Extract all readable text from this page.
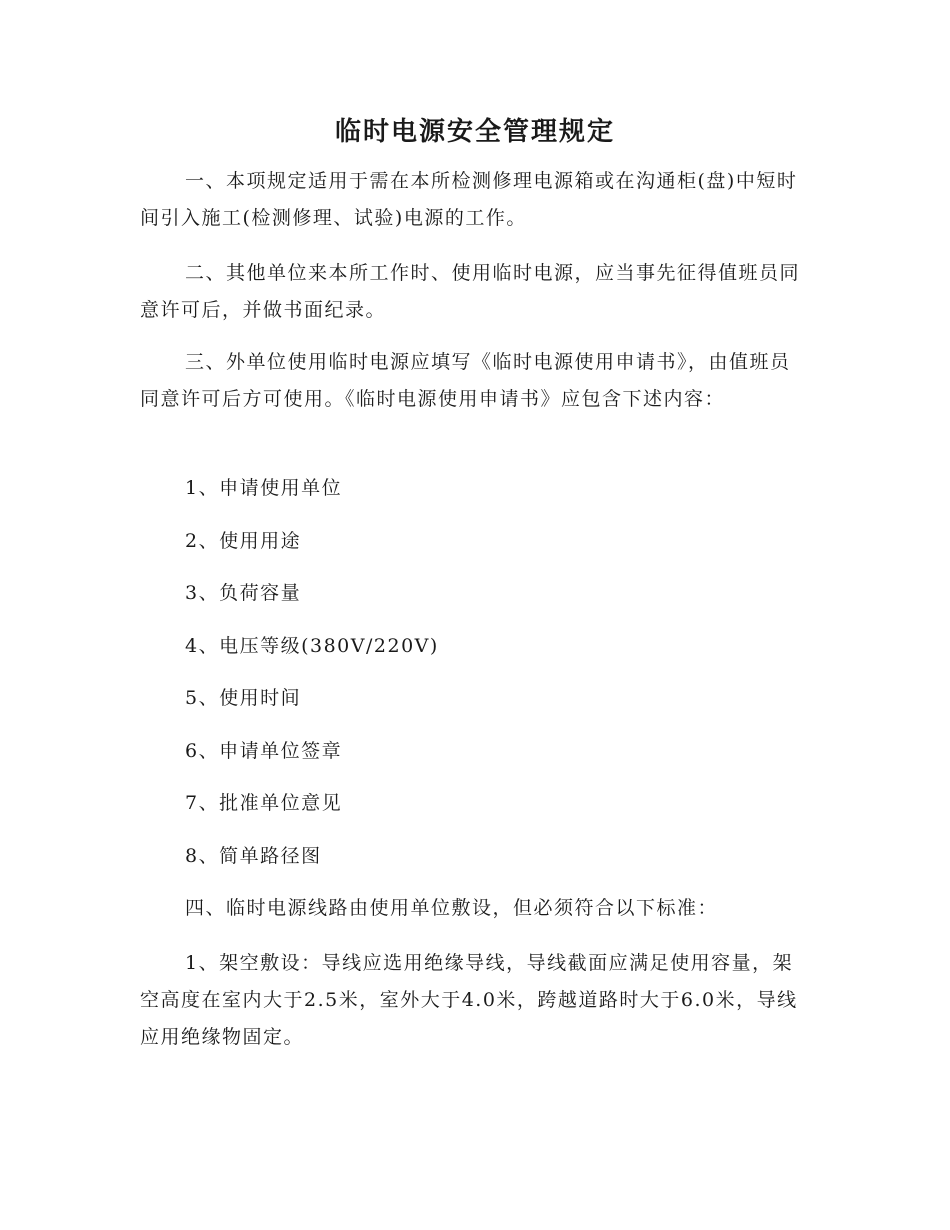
临时电源安全管理规定

一、本项规定适用于需在本所检测修理电源箱或在沟通柜(盘)中短时间引入施工(检测修理、试验)电源的工作。

二、其他单位来本所工作时、使用临时电源，应当事先征得值班员同意许可后，并做书面纪录。

三、外单位使用临时电源应填写《临时电源使用申请书》，由值班员同意许可后方可使用。《临时电源使用申请书》应包含下述内容：

1、申请使用单位

2、使用用途

3、负荷容量

4、电压等级(380V/220V)

5、使用时间

6、申请单位签章

7、批准单位意见

8、简单路径图

四、临时电源线路由使用单位敷设，但必须符合以下标准：

1、架空敷设：导线应选用绝缘导线，导线截面应满足使用容量，架空高度在室内大于2.5米，室外大于4.0米，跨越道路时大于6.0米，导线应用绝缘物固定。
